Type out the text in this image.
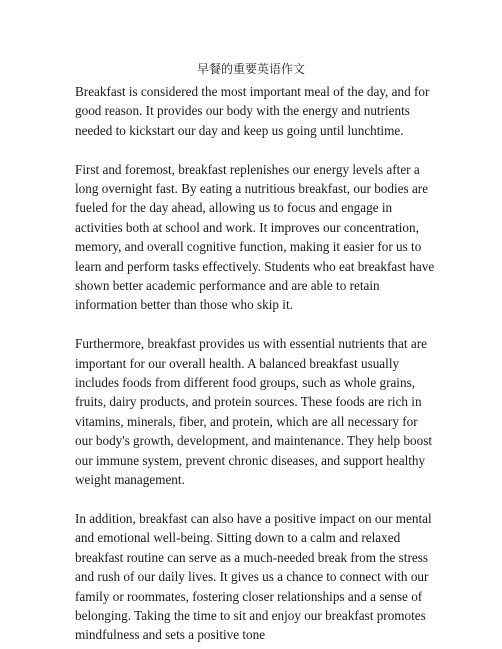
早餐的重要英语作文

Breakfast is considered the most important meal of the day, and for good reason. It provides our body with the energy and nutrients needed to kickstart our day and keep us going until lunchtime.

First and foremost, breakfast replenishes our energy levels after a long overnight fast. By eating a nutritious breakfast, our bodies are fueled for the day ahead, allowing us to focus and engage in activities both at school and work. It improves our concentration, memory, and overall cognitive function, making it easier for us to learn and perform tasks effectively. Students who eat breakfast have shown better academic performance and are able to retain information better than those who skip it.

Furthermore, breakfast provides us with essential nutrients that are important for our overall health. A balanced breakfast usually includes foods from different food groups, such as whole grains, fruits, dairy products, and protein sources. These foods are rich in vitamins, minerals, fiber, and protein, which are all necessary for our body's growth, development, and maintenance. They help boost our immune system, prevent chronic diseases, and support healthy weight management.

In addition, breakfast can also have a positive impact on our mental and emotional well-being. Sitting down to a calm and relaxed breakfast routine can serve as a much-needed break from the stress and rush of our daily lives. It gives us a chance to connect with our family or roommates, fostering closer relationships and a sense of belonging. Taking the time to sit and enjoy our breakfast promotes mindfulness and sets a positive tone
